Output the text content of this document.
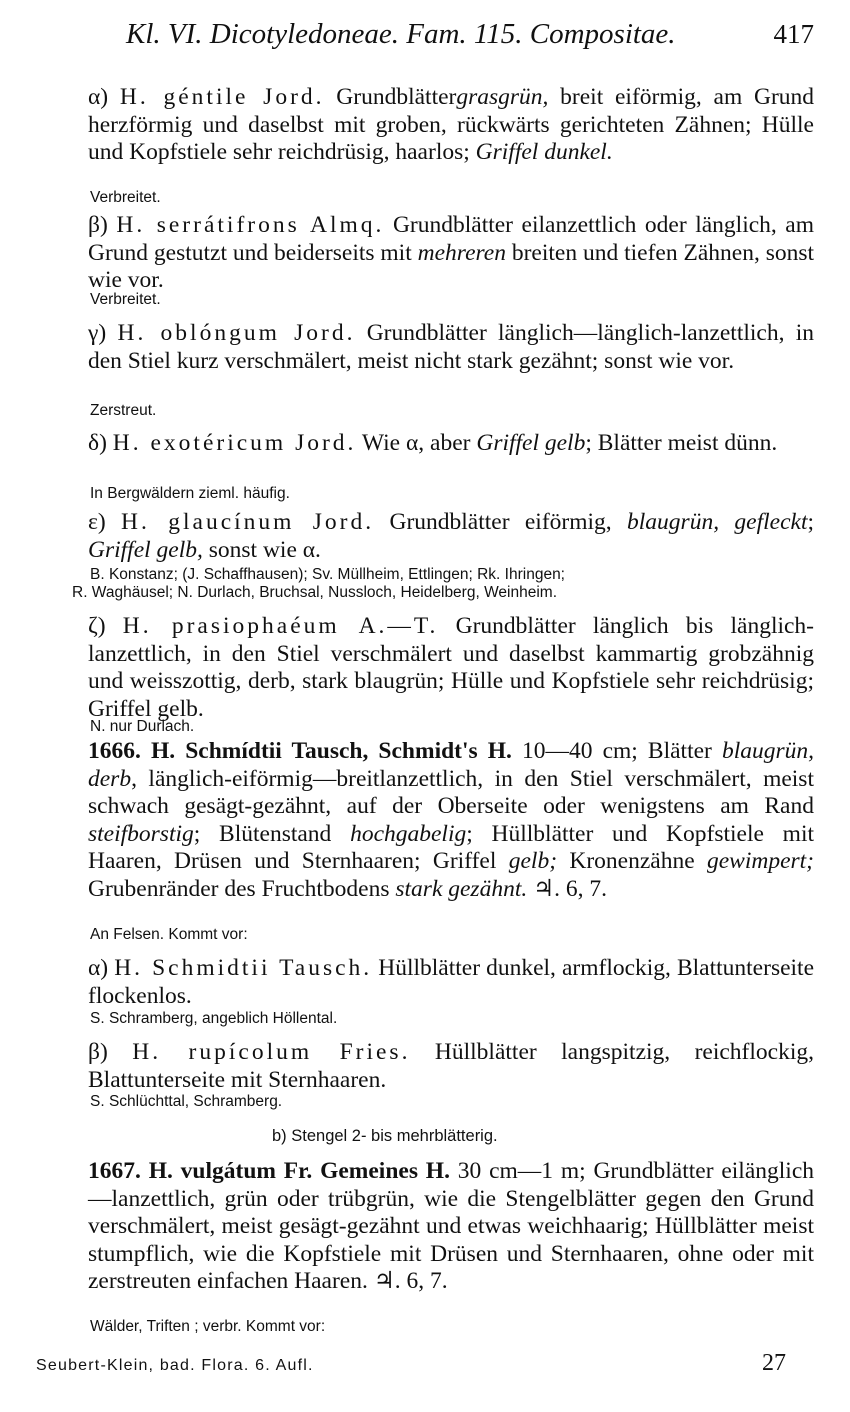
Kl. VI. Dicotyledoneae. Fam. 115. Compositae.	417

α) H. géntile Jord. Grundblättergrasgrün, breit eiförmig, am Grund herzförmig und daselbst mit groben, rückwärts gerichteten Zähnen; Hülle und Kopfstiele sehr reichdrüsig, haarlos; Griffel dunkel.

Verbreitet.

β) H. serrátifrons Almq. Grundblätter eilanzettlich oder länglich, am Grund gestutzt und beiderseits mit mehreren breiten und tiefen Zähnen, sonst wie vor.

Verbreitet.

γ) H. oblóngum Jord. Grundblätter länglich—länglich-lanzettlich, in den Stiel kurz verschmälert, meist nicht stark gezähnt; sonst wie vor.

Zerstreut.

δ) H. exotéricum Jord. Wie α, aber Griffel gelb; Blätter meist dünn.

In Bergwäldern zieml. häufig.

ε) H. glaucínum Jord. Grundblätter eiförmig, blaugrün, gefleckt; Griffel gelb, sonst wie α.

B. Konstanz; (J. Schaffhausen); Sv. Müllheim, Ettlingen; Rk. Ihringen;
R. Waghäusel; N. Durlach, Bruchsal, Nussloch, Heidelberg, Weinheim.

ζ) H. prasiophaéum A.—T. Grundblätter länglich bis länglich-lanzettlich, in den Stiel verschmälert und daselbst kammartig grobzähnig und weisszottig, derb, stark blaugrün; Hülle und Kopfstiele sehr reichdrüsig; Griffel gelb.

N. nur Durlach.

1666. H. Schmídtii Tausch, Schmidt's H. 10—40 cm; Blätter blaugrün, derb, länglich-eiförmig—breitlanzettlich, in den Stiel verschmälert, meist schwach gesägt-gezähnt, auf der Oberseite oder wenigstens am Rand steifborstig; Blütenstand hochgabelig; Hüllblätter und Kopfstiele mit Haaren, Drüsen und Sternhaaren; Griffel gelb; Kronenzähne gewimpert; Grubenränder des Fruchtbodens stark gezähnt. ♃. 6, 7.

An Felsen. Kommt vor:

α) H. Schmidtii Tausch. Hüllblätter dunkel, armflockig, Blattunterseite flockenlos.

S. Schramberg, angeblich Höllental.

β) H. rupícolum Fries. Hüllblätter langspitzig, reichflockig, Blattunterseite mit Sternhaaren.

S. Schlüchttal, Schramberg.
b) Stengel 2- bis mehrblätterig.

1667. H. vulgátum Fr. Gemeines H. 30 cm—1 m; Grundblätter eilänglich—lanzettlich, grün oder trübgrün, wie die Stengelblätter gegen den Grund verschmälert, meist gesägt-gezähnt und etwas weichhaarig; Hüllblätter meist stumpflich, wie die Kopfstiele mit Drüsen und Sternhaaren, ohne oder mit zerstreuten einfachen Haaren. ♃. 6, 7.

Wälder, Triften ; verbr. Kommt vor:
Seubert-Klein, bad. Flora. 6. Aufl.	27
